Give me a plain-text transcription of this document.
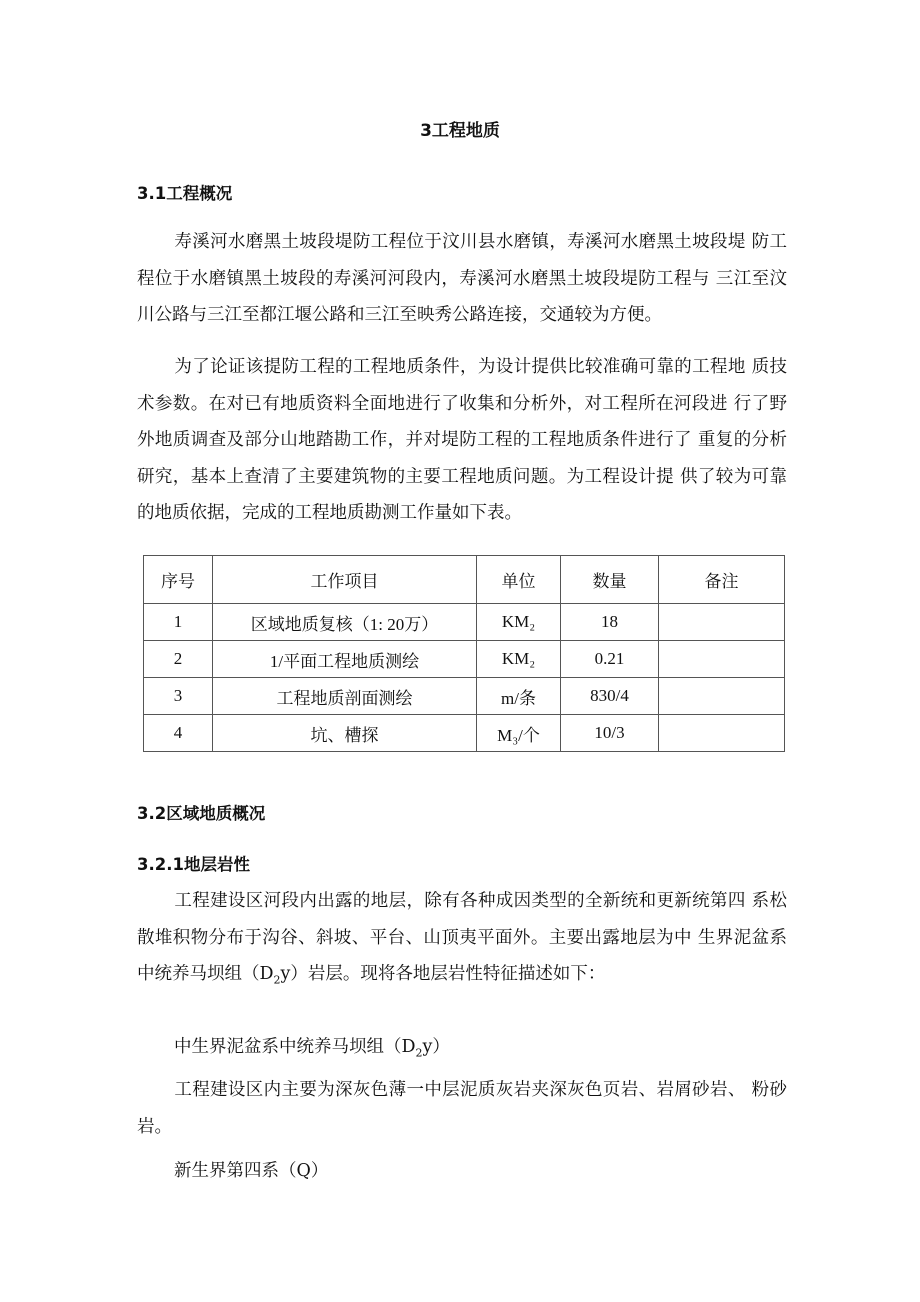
3工程地质
3.1工程概况
寿溪河水磨黑土坡段堤防工程位于汶川县水磨镇，寿溪河水磨黑土坡段堤 防工程位于水磨镇黑土坡段的寿溪河河段内，寿溪河水磨黑土坡段堤防工程与 三江至汶川公路与三江至都江堰公路和三江至映秀公路连接，交通较为方便。
为了论证该提防工程的工程地质条件，为设计提供比较准确可靠的工程地 质技术参数。在对已有地质资料全面地进行了收集和分析外，对工程所在河段进 行了野外地质调查及部分山地踏勘工作，并对堤防工程的工程地质条件进行了 重复的分析研究，基本上查清了主要建筑物的主要工程地质问题。为工程设计提 供了较为可靠的地质依据，完成的工程地质勘测工作量如下表。
序号	工作项目	单位	数量	备注
1	区域地质复核（1: 20万）	KM₂	18	
2	1/平面工程地质测绘	KM₂	0.21	
3	工程地质剖面测绘	m/条	830/4	
4	坑、槽探	M₃/个	10/3	
3.2区域地质概况
3.2.1地层岩性
工程建设区河段内出露的地层，除有各种成因类型的全新统和更新统第四 系松散堆积物分布于沟谷、斜坡、平台、山顶夷平面外。主要出露地层为中 生界泥盆系中统养马坝组$(D_2y)$岩层。现将各地层岩性特征描述如下：
中生界泥盆系中统养马坝组$(D_2y)$
工程建设区内主要为深灰色薄一中层泥质灰岩夹深灰色页岩、岩屑砂岩、 粉砂岩。
新生界第四系（Q）
